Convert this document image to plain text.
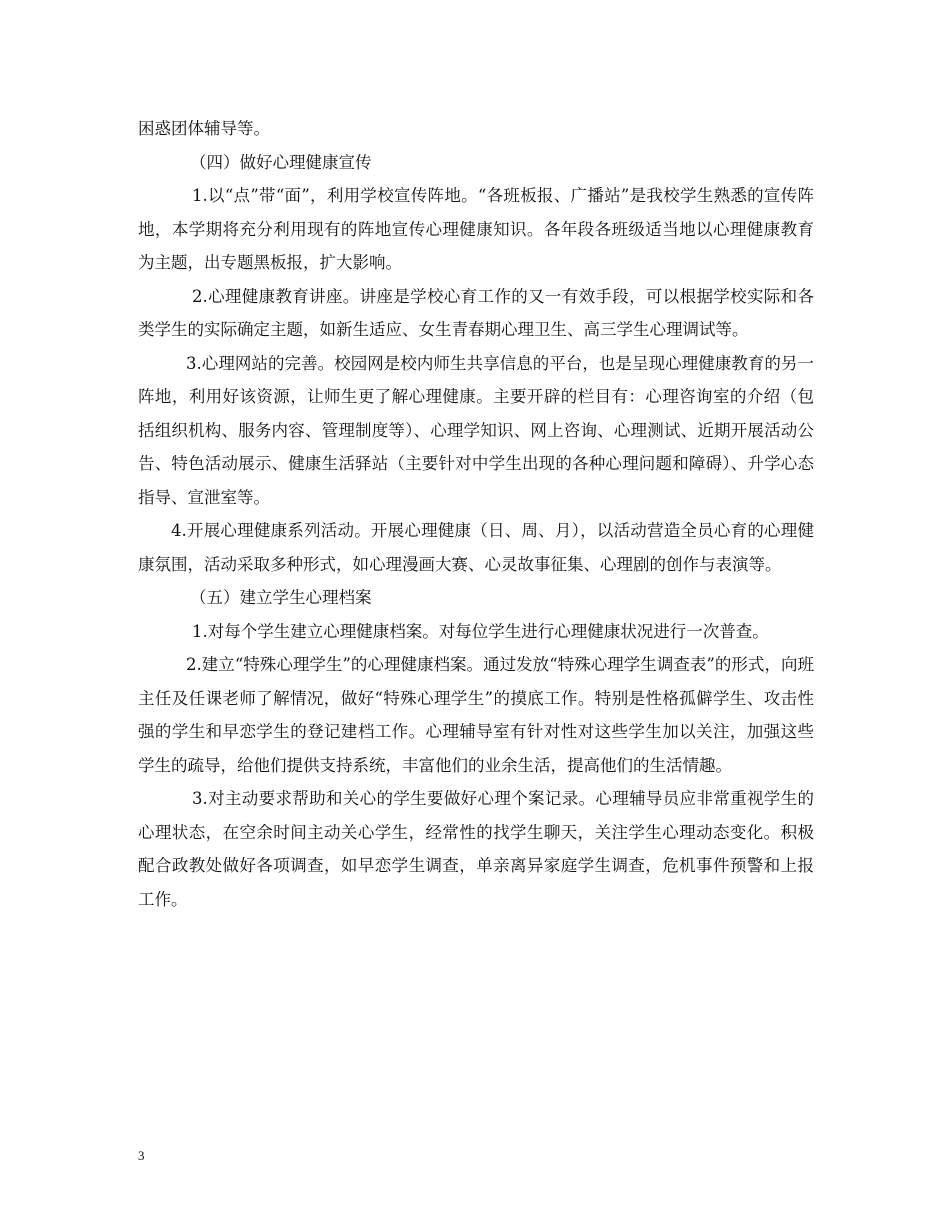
困惑团体辅导等。

（四）做好心理健康宣传

1.以“点”带“面”，利用学校宣传阵地。“各班板报、广播站”是我校学生熟悉的宣传阵地，本学期将充分利用现有的阵地宣传心理健康知识。各年段各班级适当地以心理健康教育为主题，出专题黑板报，扩大影响。

2.心理健康教育讲座。讲座是学校心育工作的又一有效手段，可以根据学校实际和各类学生的实际确定主题，如新生适应、女生青春期心理卫生、高三学生心理调试等。

3.心理网站的完善。校园网是校内师生共享信息的平台，也是呈现心理健康教育的另一阵地，利用好该资源，让师生更了解心理健康。主要开辟的栏目有：心理咨询室的介绍（包括组织机构、服务内容、管理制度等）、心理学知识、网上咨询、心理测试、近期开展活动公告、特色活动展示、健康生活驿站（主要针对中学生出现的各种心理问题和障碍）、升学心态指导、宣泄室等。

4.开展心理健康系列活动。开展心理健康（日、周、月），以活动营造全员心育的心理健康氛围，活动采取多种形式，如心理漫画大赛、心灵故事征集、心理剧的创作与表演等。

（五）建立学生心理档案

1.对每个学生建立心理健康档案。对每位学生进行心理健康状况进行一次普查。

2.建立“特殊心理学生”的心理健康档案。通过发放“特殊心理学生调查表”的形式，向班主任及任课老师了解情况，做好“特殊心理学生”的摸底工作。特别是性格孤僻学生、攻击性强的学生和早恋学生的登记建档工作。心理辅导室有针对性对这些学生加以关注，加强这些学生的疏导，给他们提供支持系统，丰富他们的业余生活，提高他们的生活情趣。

3.对主动要求帮助和关心的学生要做好心理个案记录。心理辅导员应非常重视学生的心理状态，在空余时间主动关心学生，经常性的找学生聊天，关注学生心理动态变化。积极配合政教处做好各项调查，如早恋学生调查，单亲离异家庭学生调查，危机事件预警和上报工作。

3
